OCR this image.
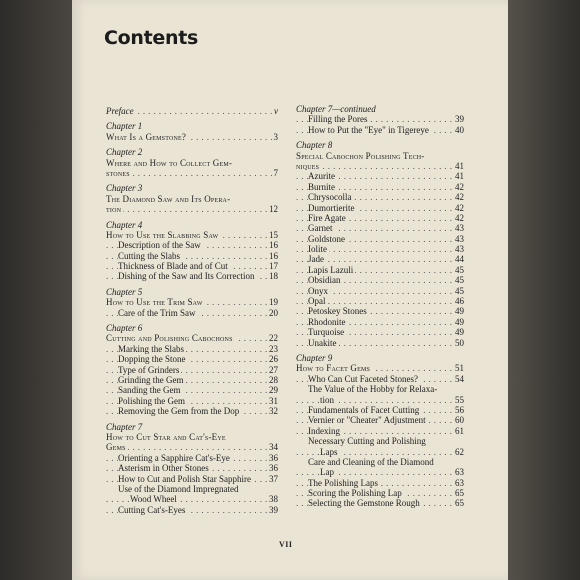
Contents
. . . Preface	v
Chapter 1
. . . What Is a Gemstone?	3
Chapter 2
Where and How to Collect Gem-
. . . stones	7
Chapter 3
The Diamond Saw and Its Opera-
. . . tion	12
Chapter 4
. . . How to Use the Slabbing Saw	15
. . . Description of the Saw	16
. . . Cutting the Slabs	16
. . . Thickness of Blade and of Cut	17
. . . Dishing of the Saw and Its Correction 18
Chapter 5
. . . How to Use the Trim Saw	19
. . . Care of the Trim Saw	20
Chapter 6
. . . Cutting and Polishing Cabochons	22
. . . Marking the Slabs	23
. . . Dopping the Stone	26
. . . Type of Grinders	27
. . . Grinding the Gem	28
. . . Sanding the Gem	29
. . . Polishing the Gem	31
. . . Removing the Gem from the Dop	32
Chapter 7
How to Cut Star and Cat's-Eye
. . . Gems	34
. . . Orienting a Sapphire Cat's-Eye	36
. . . Asterism in Other Stones	36
. . . How to Cut and Polish Star Sapphire 37
Use of the Diamond Impregnated
. . . Wood Wheel	38
. . . Cutting Cat's-Eyes	39
Chapter 7—continued
. . . Filling the Pores	39
. . . How to Put the "Eye" in Tigereye	40
Chapter 8
Special Cabochon Polishing Tech-
. . . niques	41
. . . Azurite	41
. . . Burnite	42
. . . Chrysocolla	42
. . . Dumortierite	42
. . . Fire Agate	42
. . . Garnet	43
. . . Goldstone	43
. . . Iolite	43
. . . Jade	44
. . . Lapis Lazuli	45
. . . Obsidian	45
. . . Onyx	45
. . . Opal	46
. . . Petoskey Stones	49
. . . Rhodonite	49
. . . Turquoise	49
. . . Unakite	50
Chapter 9
. . . How to Facet Gems	51
. . . Who Can Cut Faceted Stones?	54
The Value of the Hobby for Relaxa-
. . . tion	55
. . . Fundamentals of Facet Cutting	56
. . . Vernier or "Cheater" Adjustment	60
. . . Indexing	61
Necessary Cutting and Polishing
. . . Laps	62
Care and Cleaning of the Diamond
. . . Lap	63
. . . The Polishing Laps	63
. . . Scoring the Polishing Lap	65
. . . Selecting the Gemstone Rough	65
VII
